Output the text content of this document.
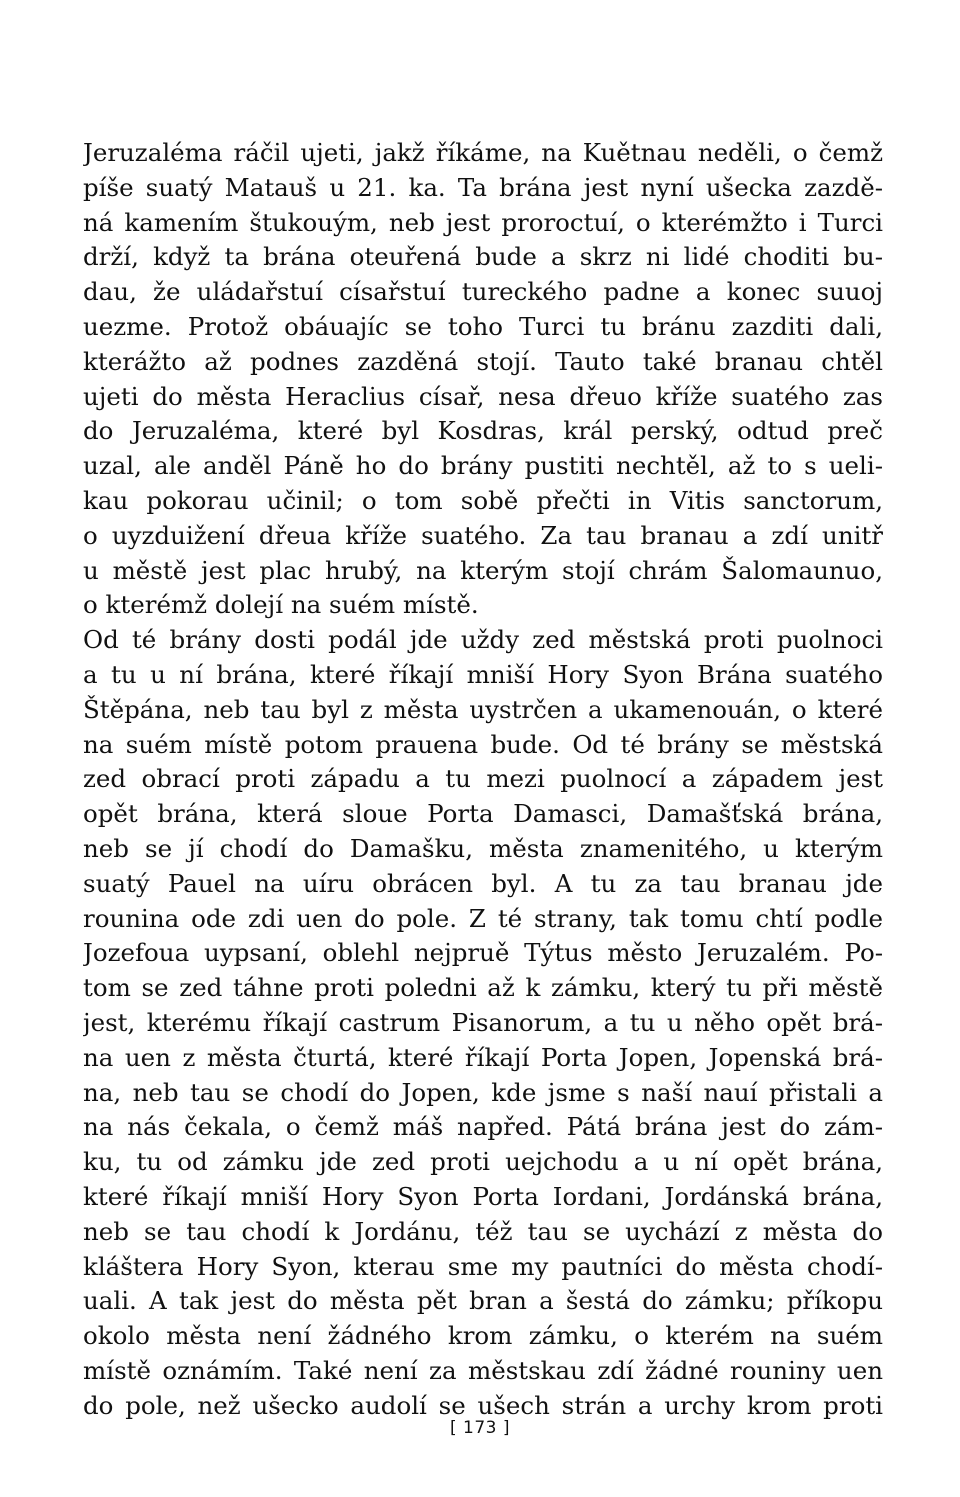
Jeruzaléma ráčil ujeti, jakž říkáme, na Kuětnau neděli, o čemž
píše suatý Matauš u 21. ka. Ta brána jest nyní ušecka zazdě-
ná kamením štukouým, neb jest proroctuí, o kterémžto i Turci
drží, když ta brána oteuřená bude a skrz ni lidé choditi bu-
dau, že uládařstuí císařstuí tureckého padne a konec suuoj
uezme. Protož obáuajíc se toho Turci tu bránu zazditi dali,
kterážto až podnes zazděná stojí. Tauto také branau chtěl
ujeti do města Heraclius císař, nesa dřeuo kříže suatého zas
do Jeruzaléma, které byl Kosdras, král perský, odtud preč
uzal, ale anděl Páně ho do brány pustiti nechtěl, až to s ueli-
kau pokorau učinil; o tom sobě přečti in Vitis sanctorum,
o uyzduižení dřeua kříže suatého. Za tau branau a zdí unitř
u městě jest plac hrubý, na kterým stojí chrám Šalomaunuo,
o kterémž dolejí na suém místě.
Od té brány dosti podál jde uždy zed městská proti puolnoci
a tu u ní brána, které říkají mniší Hory Syon Brána suatého
Štěpána, neb tau byl z města uystrčen a ukamenouán, o které
na suém místě potom prauena bude. Od té brány se městská
zed obrací proti západu a tu mezi puolnocí a západem jest
opět brána, která sloue Porta Damasci, Damašťská brána,
neb se jí chodí do Damašku, města znamenitého, u kterým
suatý Pauel na uíru obrácen byl. A tu za tau branau jde
rounina ode zdi uen do pole. Z té strany, tak tomu chtí podle
Jozefoua uypsaní, oblehl nejpruě Týtus město Jeruzalém. Po-
tom se zed táhne proti poledni až k zámku, který tu při městě
jest, kterému říkají castrum Pisanorum, a tu u něho opět brá-
na uen z města čturtá, které říkají Porta Jopen, Jopenská brá-
na, neb tau se chodí do Jopen, kde jsme s naší nauí přistali a
na nás čekala, o čemž máš napřed. Pátá brána jest do zám-
ku, tu od zámku jde zed proti uejchodu a u ní opět brána,
které říkají mniší Hory Syon Porta Iordani, Jordánská brána,
neb se tau chodí k Jordánu, též tau se uychází z města do
kláštera Hory Syon, kterau sme my pautníci do města chodí-
uali. A tak jest do města pět bran a šestá do zámku; příkopu
okolo města není žádného krom zámku, o kterém na suém
místě oznámím. Také není za městskau zdí žádné rouniny uen
do pole, než ušecko audolí se ušech strán a urchy krom proti
[ 173 ]
